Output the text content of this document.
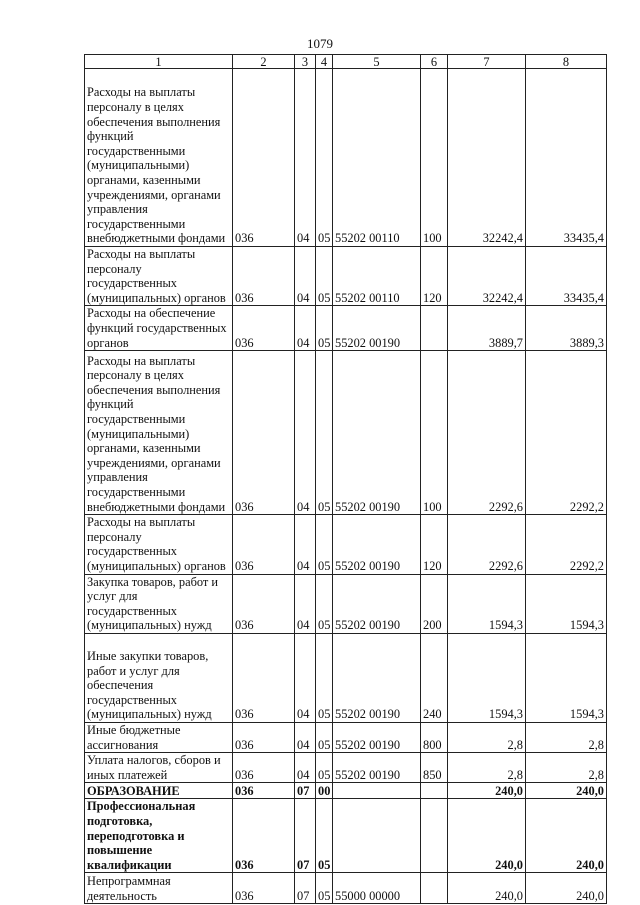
1079
1	2	3	4	5	6	7	8
Расходы на выплаты персоналу в целях обеспечения выполнения функций государственными (муниципальными) органами, казенными учреждениями, органами управления государственными внебюджетными фондами	036	04	05	55202 00110	100	32242,4	33435,4
Расходы на выплаты персоналу государственных (муниципальных) органов	036	04	05	55202 00110	120	32242,4	33435,4
Расходы на обеспечение функций государственных органов	036	04	05	55202 00190		3889,7	3889,3
Расходы на выплаты персоналу в целях обеспечения выполнения функций государственными (муниципальными) органами, казенными учреждениями, органами управления государственными внебюджетными фондами	036	04	05	55202 00190	100	2292,6	2292,2
Расходы на выплаты персоналу государственных (муниципальных) органов	036	04	05	55202 00190	120	2292,6	2292,2
Закупка товаров, работ и услуг для государственных (муниципальных) нужд	036	04	05	55202 00190	200	1594,3	1594,3
Иные закупки товаров, работ и услуг для обеспечения государственных (муниципальных) нужд	036	04	05	55202 00190	240	1594,3	1594,3
Иные бюджетные ассигнования	036	04	05	55202 00190	800	2,8	2,8
Уплата налогов, сборов и иных платежей	036	04	05	55202 00190	850	2,8	2,8
ОБРАЗОВАНИЕ	036	07	00			240,0	240,0
Профессиональная подготовка, переподготовка и повышение квалификации	036	07	05			240,0	240,0
Непрограммная деятельность	036	07	05	55000 00000		240,0	240,0
